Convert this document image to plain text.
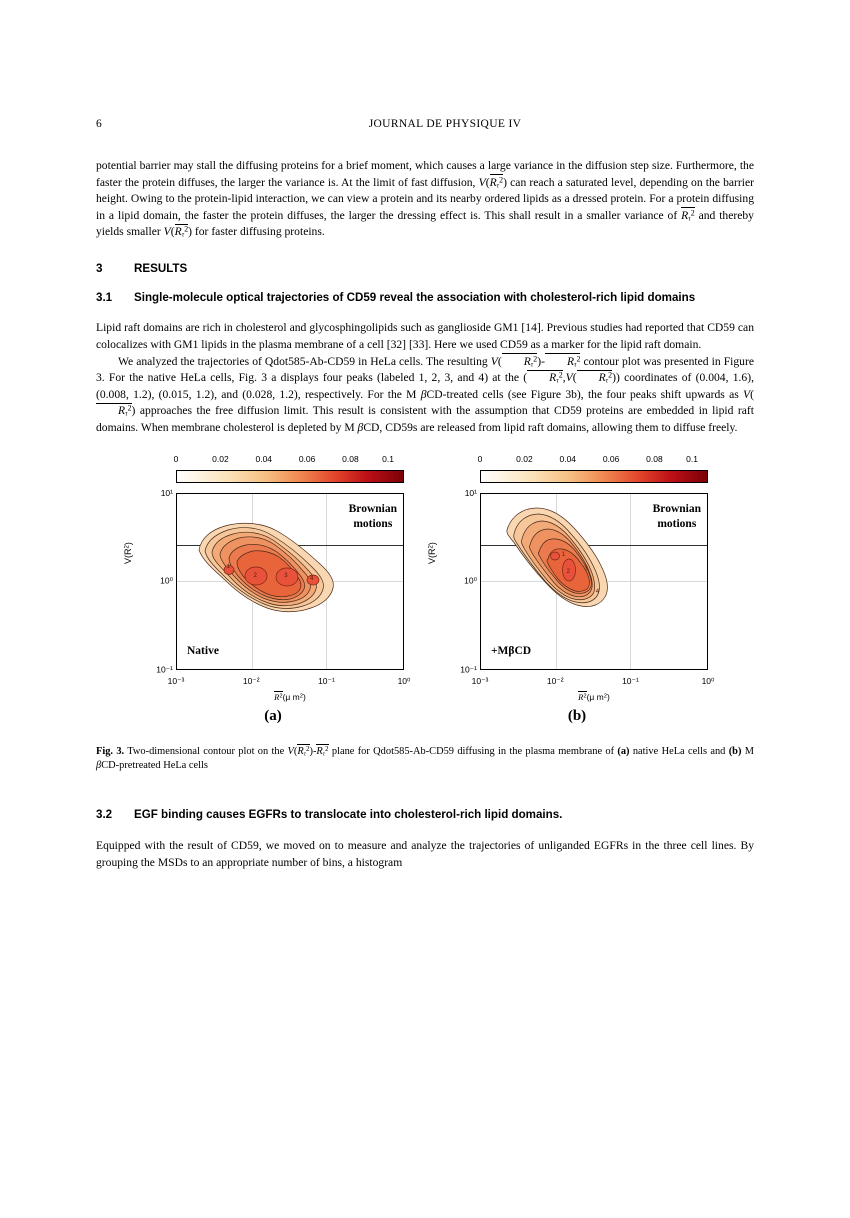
6	JOURNAL DE PHYSIQUE IV

potential barrier may stall the diffusing proteins for a brief moment, which causes a large variance in the diffusion step size. Furthermore, the faster the protein diffuses, the larger the variance is. At the limit of fast diffusion, V(
$R_\tau^2$) can reach a saturated level, depending on the barrier height. Owing to the protein-lipid interaction, we can view a protein and its nearby ordered lipids as a dressed protein. For a protein diffusing in a lipid domain, the faster the protein diffuses, the larger the dressing effect is. This shall result in a smaller variance of
$R_\tau^2$ and thereby yields smaller V(
$R_\tau^2$) for faster diffusing proteins.

3	RESULTS
3.1	Single-molecule optical trajectories of CD59 reveal the association with cholesterol-rich lipid domains

Lipid raft domains are rich in cholesterol and glycosphingolipids such as ganglioside GM1 [14]. Previous studies had reported that CD59 can colocalizes with GM1 lipids in the plasma membrane of a cell [32] [33]. Here we used CD59 as a marker for the lipid raft domain.

We analyzed the trajectories of Qdot585-Ab-CD59 in HeLa cells. The resulting V( $R_\tau^2)-$ $R_\tau^2$ contour plot was presented in Figure 3. For the native HeLa cells, Fig. 3 a displays four peaks (labeled 1, 2, 3, and 4) at the ( $R_\tau^2,V$( $R_\tau^2$)) coordinates of (0.004, 1.6), (0.008, 1.2), (0.015, 1.2), and (0.028, 1.2), respectively. For the M βCD-treated cells (see Figure 3b), the four peaks shift upwards as V(
$R_\tau^2$) approaches the free diffusion limit. This result is consistent with the assumption that CD59 proteins are embedded in lipid raft domains. When membrane cholesterol is depleted by M βCD, CD59s are released from lipid raft domains, allowing them to diffuse freely.

0	0.02	0.04	0.06	0.08	0.1
10¹
10⁰
10⁻¹
$V(R^2)$
1
2	3
4
Brownian
motions
Native
10⁻³	10⁻²	10⁻¹	10⁰
$R^2(\mu$ $m^2$)
(a)
0	0.02	0.04	0.06	0.08	0.1
10¹
10⁰
10⁻¹
$V(R^2)$
1
2 3
4
Brownian
motions
+MβCD
10⁻³	10⁻²	10⁻¹	10⁰
$R^2(\mu$ $m^2$)
(b)

Fig. 3. Two-dimensional contour plot on the V(
$R_\tau^2)-$
$R_\tau^2$ plane for Qdot585-Ab-CD59 diffusing in the plasma membrane of (a) native HeLa cells and (b) M βCD-pretreated HeLa cells

3.2	EGF binding causes EGFRs to translocate into cholesterol-rich lipid domains.

Equipped with the result of CD59, we moved on to measure and analyze the trajectories of unliganded EGFRs in the three cell lines. By grouping the MSDs to an appropriate number of bins, a histogram
